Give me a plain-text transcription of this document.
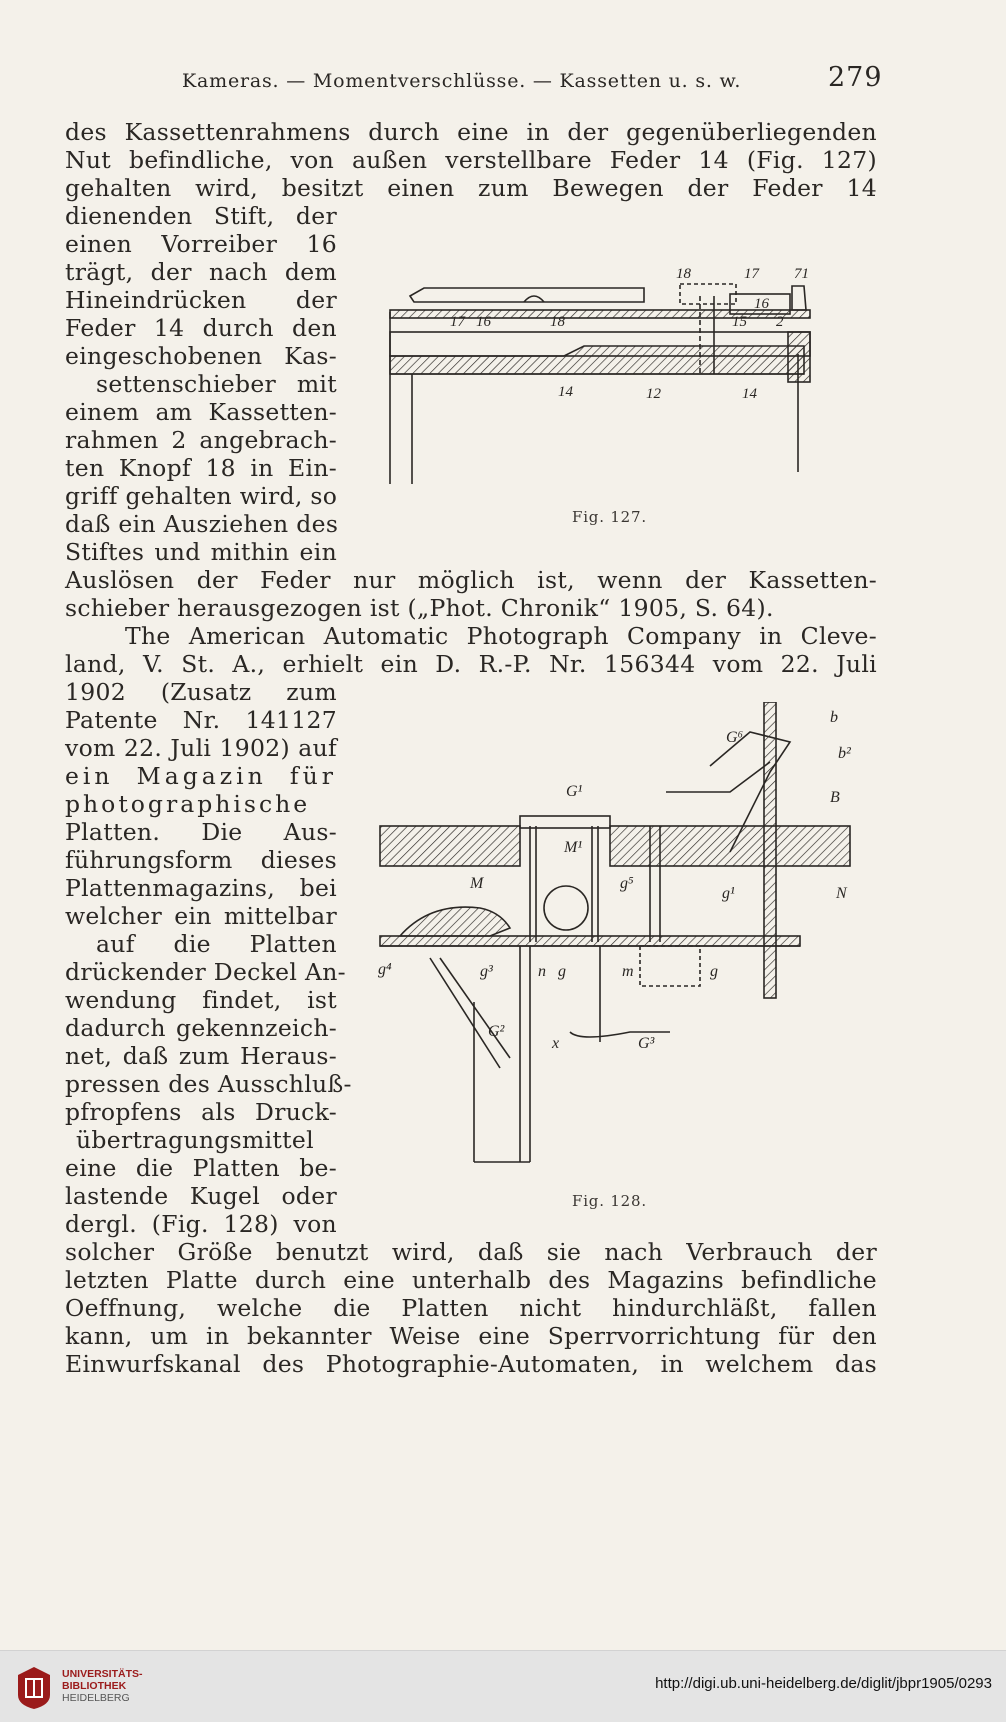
Kameras. — Momentverschlüsse. — Kassetten u. s. w.	279
des Kassettenrahmens durch eine in der gegenüberliegenden
Nut befindliche, von außen verstellbare Feder 14 (Fig. 127)
gehalten wird, besitzt einen zum Bewegen der Feder 14
dienenden Stift, der
einen Vorreiber 16
trägt, der nach dem
Hineindrücken der
Feder 14 durch den
eingeschobenen Kas-
settenschieber mit
einem am Kassetten-
rahmen 2 angebrach-
ten Knopf 18 in Ein-
griff gehalten wird, so
daß ein Ausziehen des
Stiftes und mithin ein
Auslösen der Feder nur möglich ist, wenn der Kassetten-
schieber herausgezogen ist („Phot. Chronik“ 1905, S. 64).
18	17 71
16
17 16	18	15 2
14	12	14
Fig. 127.
The American Automatic Photograph Company in Cleve-
land, V. St. A., erhielt ein D. R.-P. Nr. 156344 vom 22. Juli
1902 (Zusatz zum
Patente Nr. 141127
vom 22. Juli 1902) auf
ein Magazin für
photographische
Platten. Die Aus-
führungsform dieses
Plattenmagazins, bei
welcher ein mittelbar
auf die Platten
drückender Deckel An-
wendung findet, ist
dadurch gekennzeich-
net, daß zum Heraus-
pressen des Ausschluß-
pfropfens als Druck-
übertragungsmittel
eine die Platten be-
lastende Kugel oder
dergl. (Fig. 128) von
solcher Größe benutzt wird, daß sie nach Verbrauch der
letzten Platte durch eine unterhalb des Magazins befindliche
Oeffnung, welche die Platten nicht hindurchläßt, fallen
kann, um in bekannter Weise eine Sperrvorrichtung für den
Einwurfskanal des Photographie-Automaten, in welchem das
G⁶
b
b²
G¹	B
M¹
M	g⁵
g¹	N
g⁴	g³	n g	m	g
G²
x	G³
Fig. 128.
UNIVERSITÄTS-
BIBLIOTHEK
HEIDELBERG
http://digi.ub.uni-heidelberg.de/diglit/jbpr1905/0293
